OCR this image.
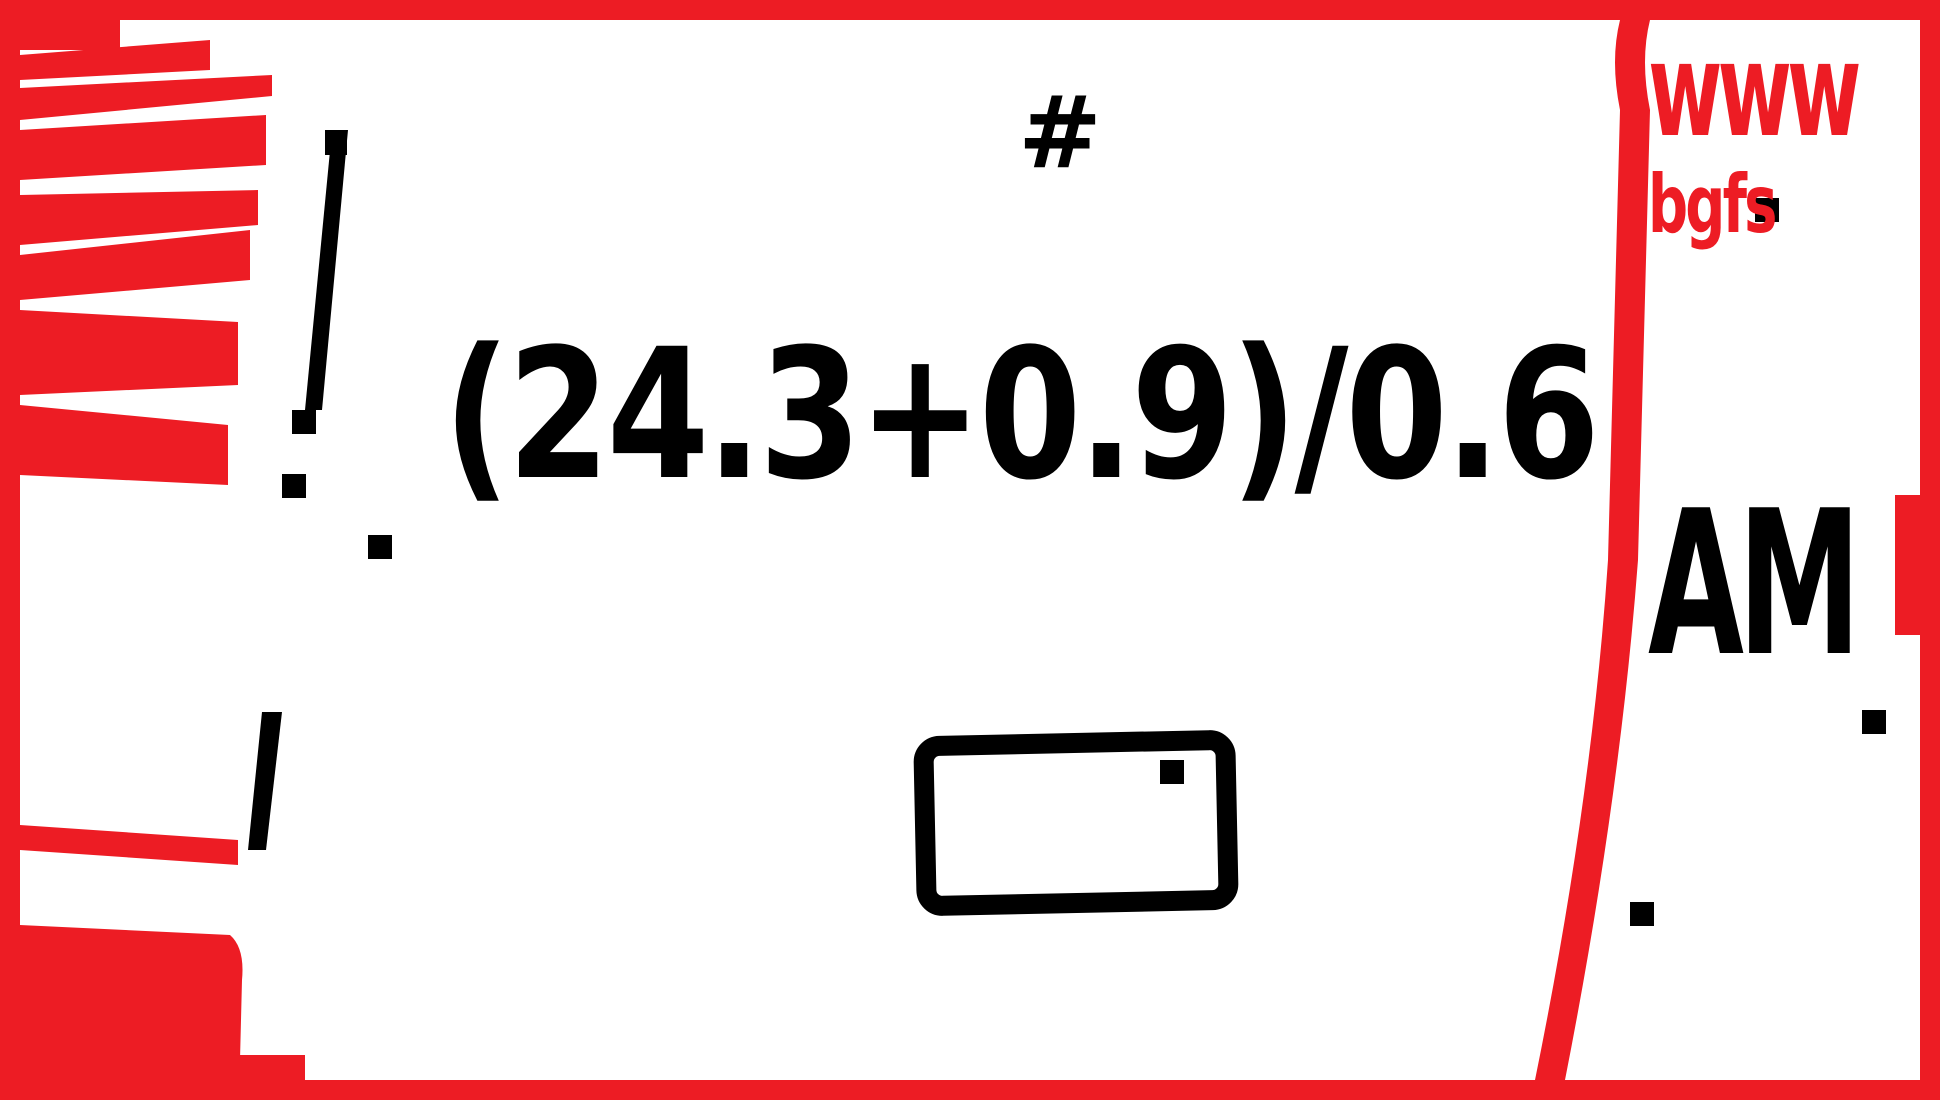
#
(24.3+0.9)/0.6
www
bgfs
AM
...
